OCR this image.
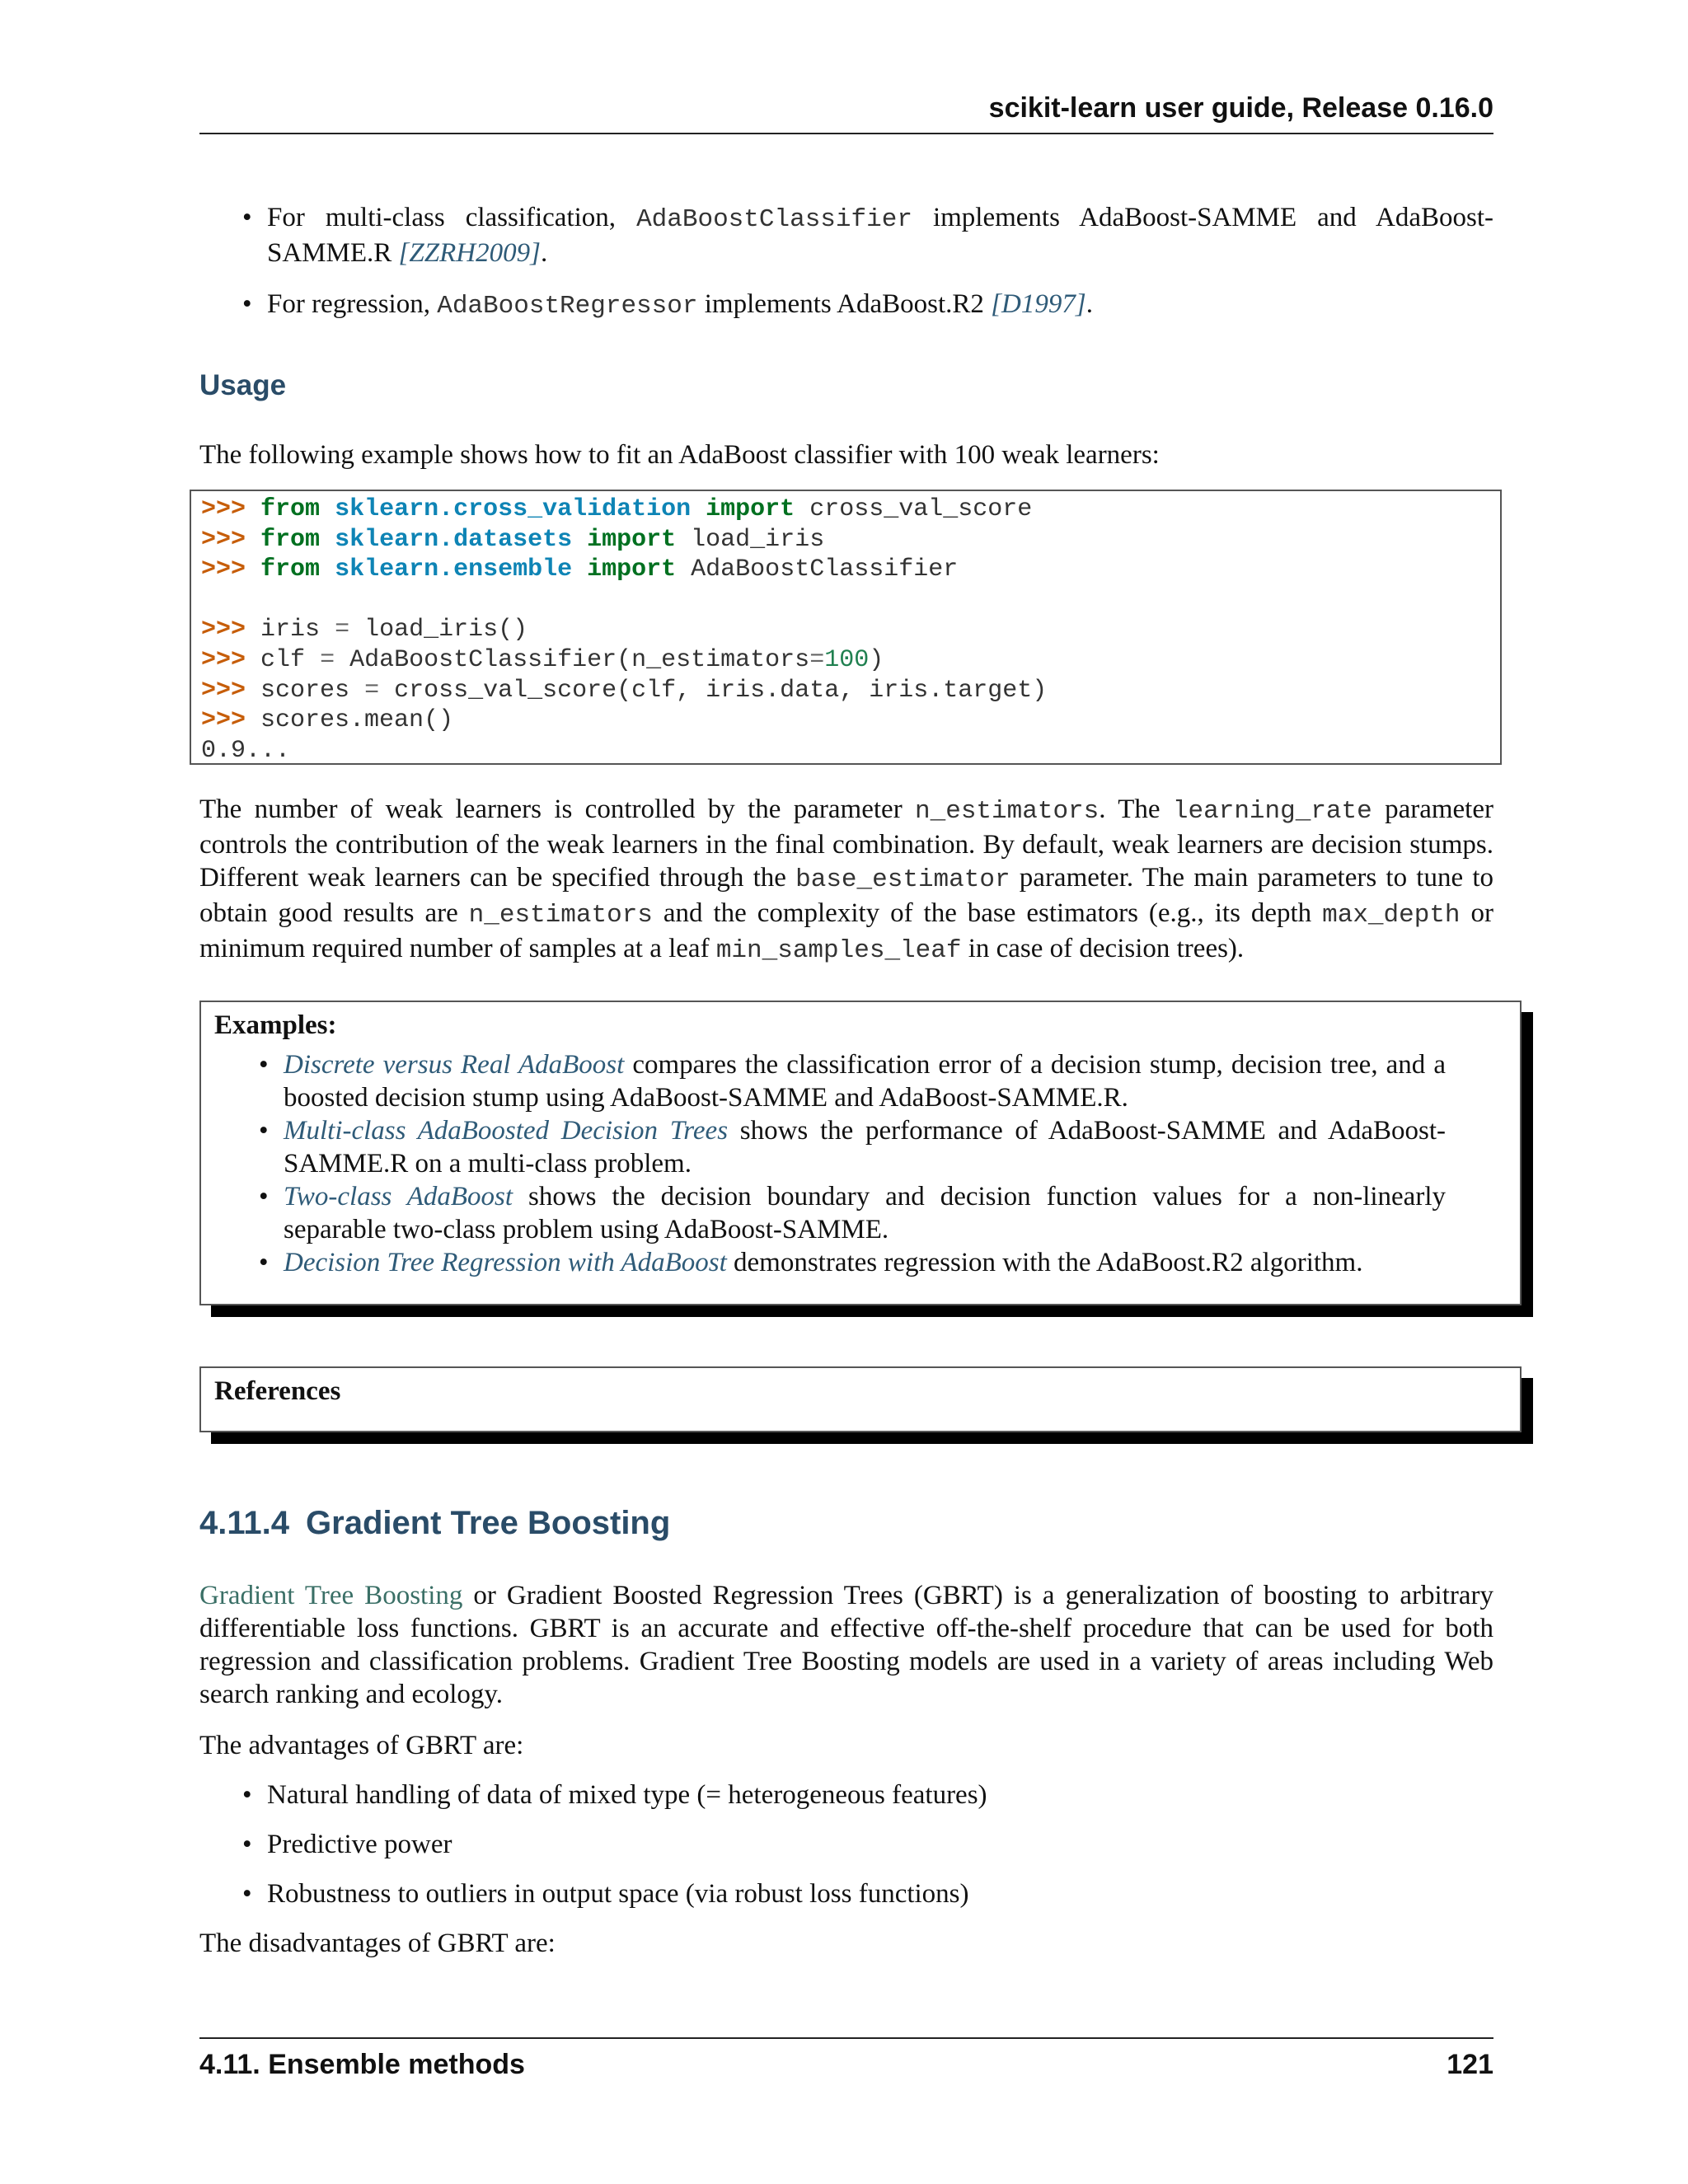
scikit-learn user guide, Release 0.16.0
• For multi-class classification, AdaBoostClassifier implements AdaBoost-SAMME and AdaBoost-SAMME.R [ZZRH2009].
• For regression, AdaBoostRegressor implements AdaBoost.R2 [D1997].
Usage

The following example shows how to fit an AdaBoost classifier with 100 weak learners:

>>> from sklearn.cross_validation import cross_val_score
>>> from sklearn.datasets import load_iris
>>> from sklearn.ensemble import AdaBoostClassifier
>>> iris = load_iris()
>>> clf = AdaBoostClassifier(n_estimators=100)
>>> scores = cross_val_score(clf, iris.data, iris.target)
>>> scores.mean()
0.9...

The number of weak learners is controlled by the parameter n_estimators. The learning_rate parameter controls the contribution of the weak learners in the final combination. By default, weak learners are decision stumps. Different weak learners can be specified through the base_estimator parameter. The main parameters to tune to obtain good results are n_estimators and the complexity of the base estimators (e.g., its depth max_depth or minimum required number of samples at a leaf min_samples_leaf in case of decision trees).

Examples:
• Discrete versus Real AdaBoost compares the classification error of a decision stump, decision tree, and a boosted decision stump using AdaBoost-SAMME and AdaBoost-SAMME.R.
• Multi-class AdaBoosted Decision Trees shows the performance of AdaBoost-SAMME and AdaBoost-SAMME.R on a multi-class problem.
• Two-class AdaBoost shows the decision boundary and decision function values for a non-linearly separable two-class problem using AdaBoost-SAMME.
• Decision Tree Regression with AdaBoost demonstrates regression with the AdaBoost.R2 algorithm.
References
4.11.4 Gradient Tree Boosting

Gradient Tree Boosting or Gradient Boosted Regression Trees (GBRT) is a generalization of boosting to arbitrary differentiable loss functions. GBRT is an accurate and effective off-the-shelf procedure that can be used for both regression and classification problems. Gradient Tree Boosting models are used in a variety of areas including Web search ranking and ecology.

The advantages of GBRT are:

• Natural handling of data of mixed type (= heterogeneous features)
• Predictive power
• Robustness to outliers in output space (via robust loss functions)

The disadvantages of GBRT are:

4.11. Ensemble methods	121
